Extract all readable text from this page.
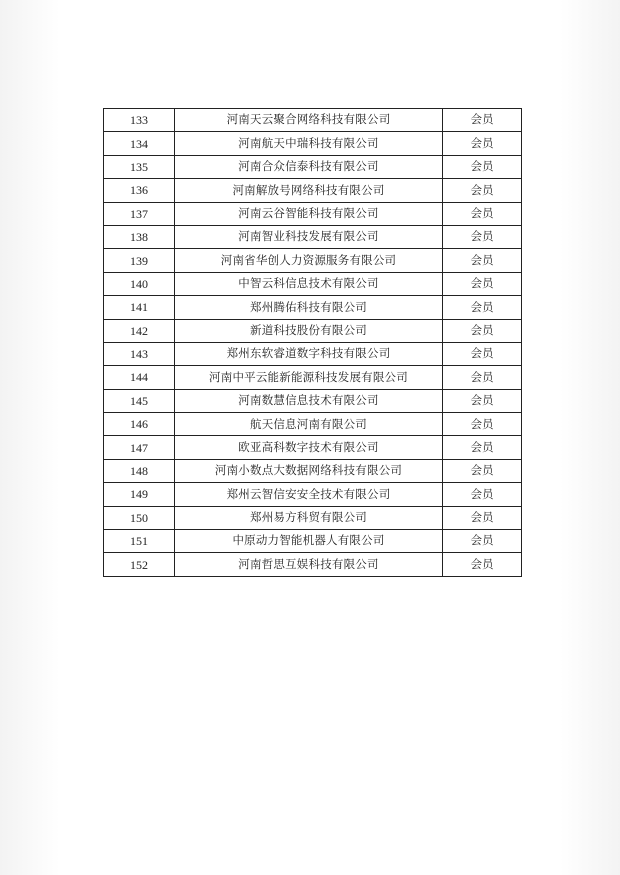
133	河南天云聚合网络科技有限公司	会员
134	河南航天中瑞科技有限公司	会员
135	河南合众信泰科技有限公司	会员
136	河南解放号网络科技有限公司	会员
137	河南云谷智能科技有限公司	会员
138	河南智业科技发展有限公司	会员
139	河南省华创人力资源服务有限公司	会员
140	中智云科信息技术有限公司	会员
141	郑州腾佑科技有限公司	会员
142	新道科技股份有限公司	会员
143	郑州东软睿道数字科技有限公司	会员
144	河南中平云能新能源科技发展有限公司	会员
145	河南数慧信息技术有限公司	会员
146	航天信息河南有限公司	会员
147	欧亚高科数字技术有限公司	会员
148	河南小数点大数据网络科技有限公司	会员
149	郑州云智信安安全技术有限公司	会员
150	郑州易方科贸有限公司	会员
151	中原动力智能机器人有限公司	会员
152	河南哲思互娱科技有限公司	会员
